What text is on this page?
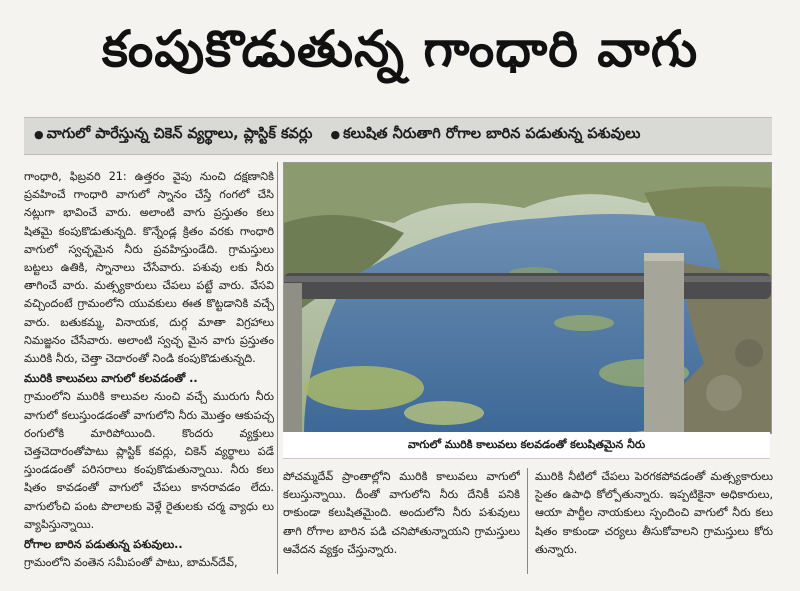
కంపుకొడుతున్న గాంధారి వాగు
● వాగులో పారేస్తున్న చికెన్ వ్యర్థాలు, ప్లాస్టిక్ కవర్లు
●	కలుషిత నీరుతాగి రోగాల బారిన పడుతున్న పశువులు

గాంధారి, ఫిబ్రవరి 21: ఉత్తరం వైపు నుంచి దక్షణానికి ప్రవహించే గాంధారి వాగులో స్నానం చేస్తే గంగలో చేసి నట్లుగా భావించే వారు. అలాంటి వాగు ప్రస్తుతం కలు షితమై కంపుకొడుతున్నది. కొన్నేండ్ల క్రితం వరకు గాంధారి వాగులో స్వచ్ఛమైన నీరు ప్రవహిస్తుండేది. గ్రామస్తులు బట్టలు ఉతికి, స్నానాలు చేసేవారు. పశువు లకు నీరు తాగించే వారు. మత్స్యకారులు చేపలు పట్టే వారు. వేసవి వచ్చిందంటే గ్రామంలోని యువకులు ఈత కొట్టడానికి వచ్చే వారు. బతుకమ్మ, వినాయక, దుర్గ మాతా విగ్రహాలు నిమజ్జనం చేసేవారు. అలాంటి స్వచ్ఛ మైన వాగు ప్రస్తుతం మురికి నీరు, చెత్తా చెదారంతో నిండి కంపుకొడుతున్నది.

మురికి కాలువలు వాగులో కలవడంతో ..

గ్రామంలోని మురికి కాలువల నుంచి వచ్చే మురుగు నీరు వాగులో కలుస్తుండడంతో వాగులోని నీరు మొత్తం ఆకుపచ్చ రంగులోకి మారిపోయింది. కొందరు వ్యక్తులు చెత్తచెదారంతోపాటు ప్లాస్టిక్ కవర్లు, చికెన్ వ్యర్థాలు పడే స్తుండడంతో పరిసరాలు కంపుకొడుతున్నాయి. నీరు కలు షితం కావడంతో వాగులో చేపలు కానరావడం లేదు. వాగులోంచి పంట పొలాలకు వెళ్లే రైతులకు చర్మ వ్యాధు లు వ్యాపిస్తున్నాయి.

రోగాల బారిన పడుతున్న పశువులు..

గ్రామంలోని వంతెన సమీపంతో పాటు, బామన్‌దేవ్,

వాగులో మురికి కాలువలు కలవడంతో కలుషితమైన నీరు

పోచమ్మదేవ్ ప్రాంతాల్లోని మురికి కాలువలు వాగులో కలుస్తున్నాయి. దీంతో వాగులోని నీరు దేనికీ పనికి రాకుండా కలుషితమైంది. అందులోని నీరు పశువులు తాగి రోగాల బారిన పడి చనిపోతున్నాయని గ్రామస్తులు ఆవేదన వ్యక్తం చేస్తున్నారు.

మురికి నీటిలో చేపలు పెరగకపోవడంతో మత్స్యకారులు సైతం ఉపాధి కోల్పోతున్నారు. ఇప్పటికైనా అధికారులు, ఆయా పార్టీల నాయకులు స్పందించి వాగులో నీరు కలు షితం కాకుండా చర్యలు తీసుకోవాలని గ్రామస్తులు కోరు తున్నారు.
